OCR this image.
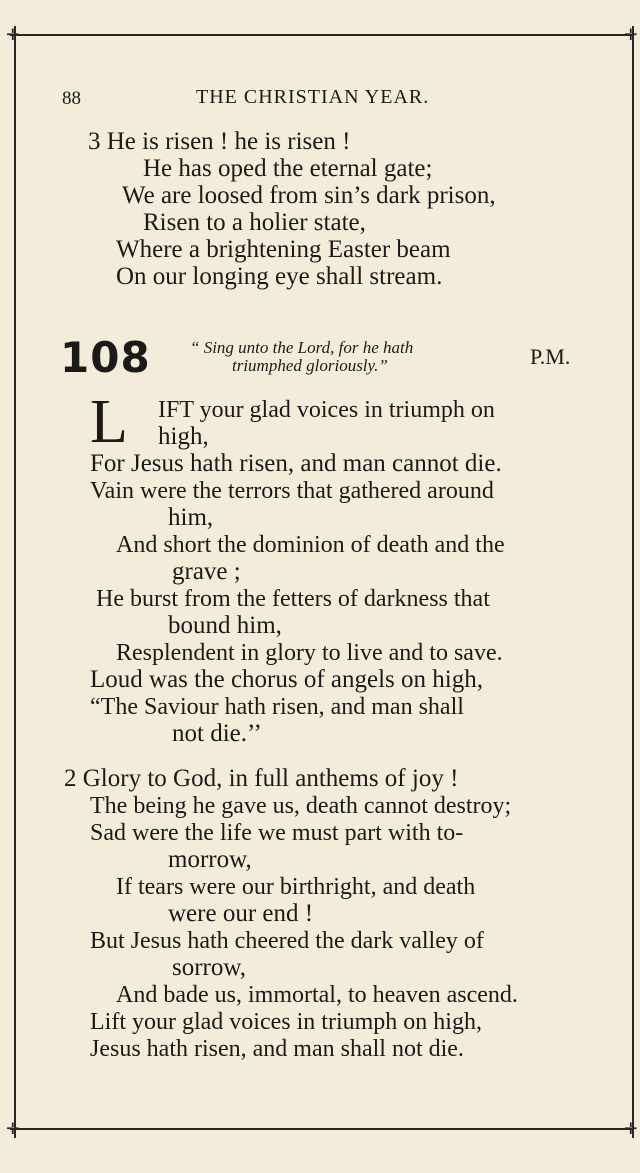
✛	✛
✛	✛
88	THE CHRISTIAN YEAR.
3 He is risen ! he is risen !
He has oped the eternal gate;
We are loosed from sin’s dark prison,
Risen to a holier state,
Where a brightening Easter beam
On our longing eye shall stream.
108 “ Sing unto the Lord, for he hath
triumphed gloriously.”	P.M.
L IFT your glad voices in triumph on
high,
For Jesus hath risen, and man cannot die.
Vain were the terrors that gathered around
him,
And short the dominion of death and the
grave ;
He burst from the fetters of darkness that
bound him,
Resplendent in glory to live and to save.
Loud was the chorus of angels on high,
“The Saviour hath risen, and man shall
not die.’’
2 Glory to God, in full anthems of joy !
The being he gave us, death cannot destroy;
Sad were the life we must part with to-
morrow,
If tears were our birthright, and death
were our end !
But Jesus hath cheered the dark valley of
sorrow,
And bade us, immortal, to heaven ascend.
Lift your glad voices in triumph on high,
Jesus hath risen, and man shall not die.
